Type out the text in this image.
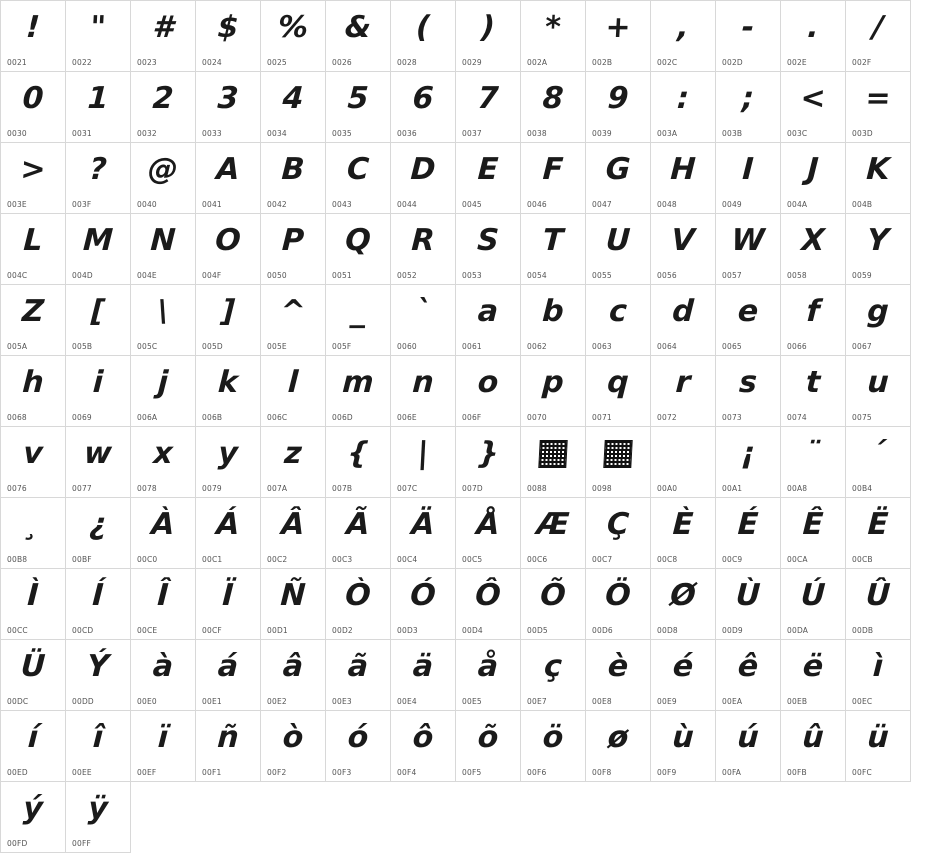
!
0021
"
0022
#
0023
$
0024
%
0025
&
0026
(
0028
)
0029
*
002A
+
002B
,
002C
-
002D
.
002E
/
002F
0
0030
1
0031
2
0032
3
0033
4
0034
5
0035
6
0036
7
0037
8
0038
9
0039
:
003A
;
003B
<
003C
=
003D
>
003E
?
003F
@
0040
A
0041
B
0042
C
0043
D
0044
E
0045
F
0046
G
0047
H
0048
I
0049
J
004A
K
004B
L
004C
M
004D
N
004E
O
004F
P
0050
Q
0051
R
0052
S
0053
T
0054
U
0055
V
0056
W
0057
X
0058
Y
0059
Z
005A
[
005B
\
005C
]
005D
^
005E
_
005F
`
0060
a
0061
b
0062
c
0063
d
0064
e
0065
f
0066
g
0067
h
0068
i
0069
j
006A
k
006B
l
006C
m
006D
n
006E
o
006F
p
0070
q
0071
r
0072
s
0073
t
0074
u
0075
v
0076
w
0077
x
0078
y
0079
z
007A
{
007B
|
007C
}
007D	0088	0098	00A0
¡
00A1
¨
00A8
´
00B4
¸
00B8
¿
00BF
À
00C0
Á
00C1
Â
00C2
Ã
00C3
Ä
00C4
Å
00C5
Æ
00C6
Ç
00C7
È
00C8
É
00C9
Ê
00CA
Ë
00CB
Ì
00CC
Í
00CD
Î
00CE
Ï
00CF
Ñ
00D1
Ò
00D2
Ó
00D3
Ô
00D4
Õ
00D5
Ö
00D6
Ø
00D8
Ù
00D9
Ú
00DA
Û
00DB
Ü
00DC
Ý
00DD
à
00E0
á
00E1
â
00E2
ã
00E3
ä
00E4
å
00E5
ç
00E7
è
00E8
é
00E9
ê
00EA
ë
00EB
ì
00EC
í
00ED
î
00EE
ï
00EF
ñ
00F1
ò
00F2
ó
00F3
ô
00F4
õ
00F5
ö
00F6
ø
00F8
ù
00F9
ú
00FA
û
00FB
ü
00FC
ý
00FD
ÿ
00FF
